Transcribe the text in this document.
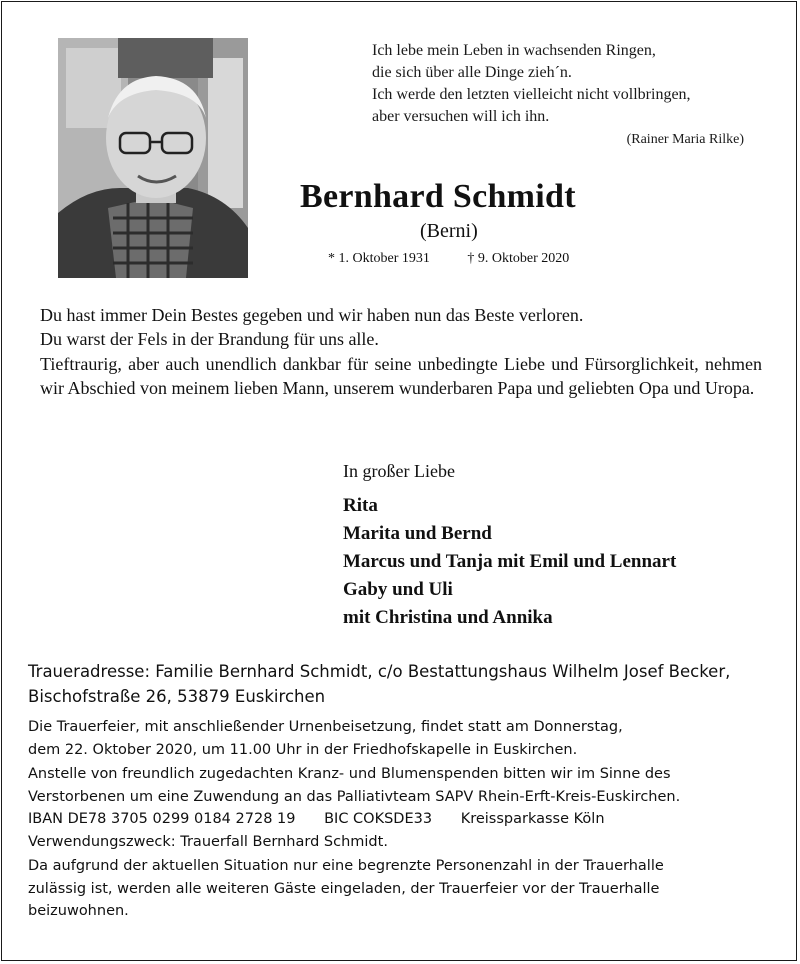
Ich lebe mein Leben in wachsenden Ringen,
die sich über alle Dinge zieh´n.
Ich werde den letzten vielleicht nicht vollbringen,
aber versuchen will ich ihn.
(Rainer Maria Rilke)
Bernhard Schmidt
(Berni)
* 1. Oktober 1931	† 9. Oktober 2020
Du hast immer Dein Bestes gegeben und wir haben nun das Beste verloren.
Du warst der Fels in der Brandung für uns alle.
Tieftraurig, aber auch unendlich dankbar für seine unbedingte Liebe und Fürsorglichkeit, nehmen wir Abschied von meinem lieben Mann, unserem wunderbaren Papa und geliebten Opa und Uropa.
In großer Liebe
Rita
Marita und Bernd
Marcus und Tanja mit Emil und Lennart
Gaby und Uli
mit Christina und Annika
Traueradresse: Familie Bernhard Schmidt, c/o Bestattungshaus Wilhelm Josef Becker,
Bischofstraße 26, 53879 Euskirchen
Die Trauerfeier, mit anschließender Urnenbeisetzung, findet statt am Donnerstag,
dem 22. Oktober 2020, um 11.00 Uhr in der Friedhofskapelle in Euskirchen.
Anstelle von freundlich zugedachten Kranz- und Blumenspenden bitten wir im Sinne des
Verstorbenen um eine Zuwendung an das Palliativteam SAPV Rhein-Erft-Kreis-Euskirchen.
IBAN DE78 3705 0299 0184 2728 19 BIC COKSDE33 Kreissparkasse Köln
Verwendungszweck: Trauerfall Bernhard Schmidt.
Da aufgrund der aktuellen Situation nur eine begrenzte Personenzahl in der Trauerhalle
zulässig ist, werden alle weiteren Gäste eingeladen, der Trauerfeier vor der Trauerhalle
beizuwohnen.
